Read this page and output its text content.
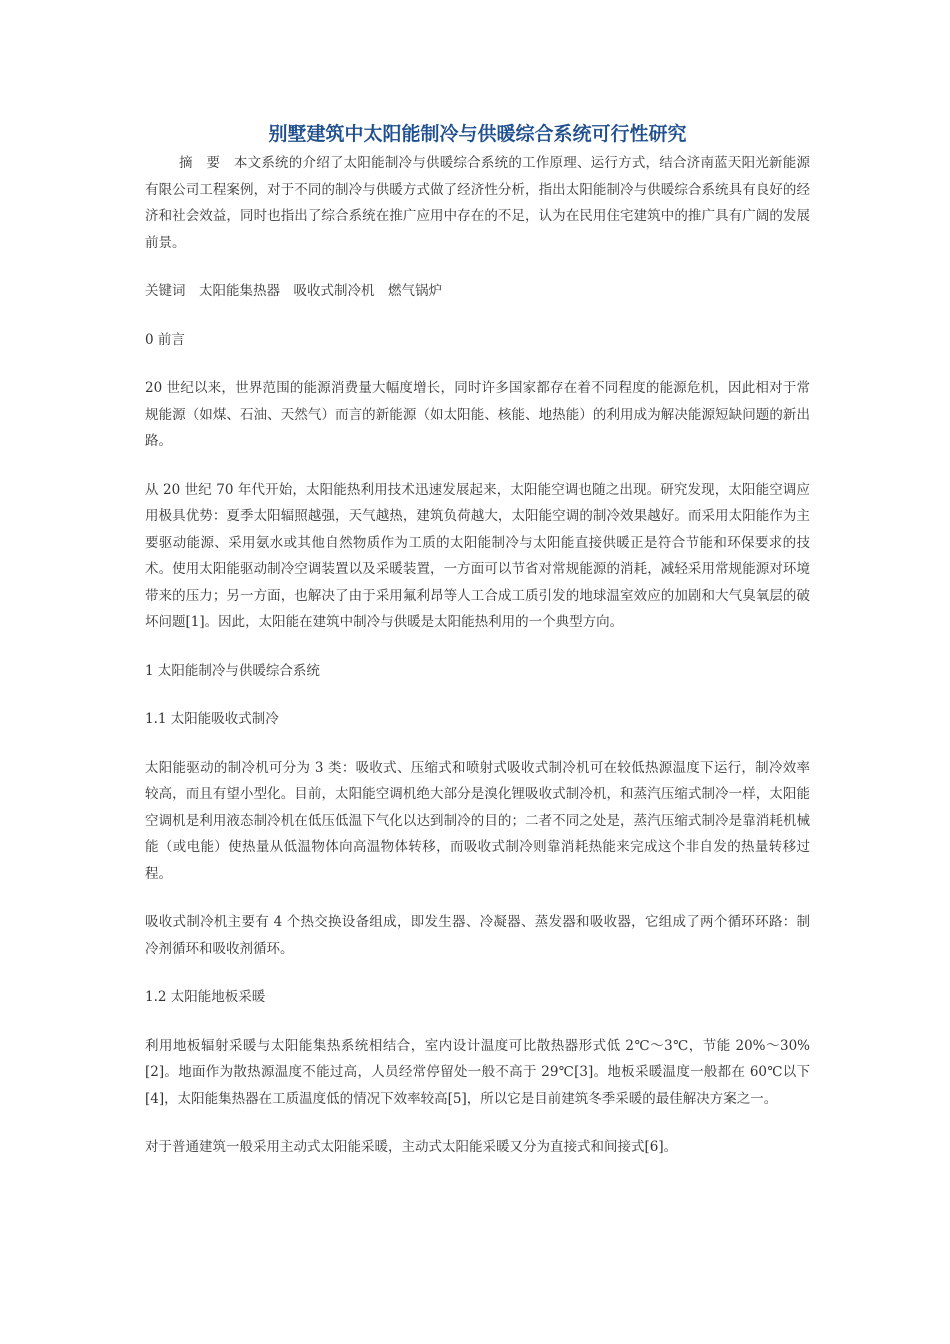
别墅建筑中太阳能制冷与供暖综合系统可行性研究
摘　要　本文系统的介绍了太阳能制冷与供暖综合系统的工作原理、运行方式，结合济南蓝天阳光新能源有限公司工程案例，对于不同的制冷与供暖方式做了经济性分析，指出太阳能制冷与供暖综合系统具有良好的经济和社会效益，同时也指出了综合系统在推广应用中存在的不足，认为在民用住宅建筑中的推广具有广阔的发展前景。
关键词　太阳能集热器　吸收式制冷机　燃气锅炉
0 前言
20 世纪以来，世界范围的能源消费量大幅度增长，同时许多国家都存在着不同程度的能源危机，因此相对于常规能源（如煤、石油、天然气）而言的新能源（如太阳能、核能、地热能）的利用成为解决能源短缺问题的新出路。
从 20 世纪 70 年代开始，太阳能热利用技术迅速发展起来，太阳能空调也随之出现。研究发现，太阳能空调应用极具优势：夏季太阳辐照越强，天气越热，建筑负荷越大，太阳能空调的制冷效果越好。而采用太阳能作为主要驱动能源、采用氨水或其他自然物质作为工质的太阳能制冷与太阳能直接供暖正是符合节能和环保要求的技术。使用太阳能驱动制冷空调装置以及采暖装置，一方面可以节省对常规能源的消耗，减轻采用常规能源对环境带来的压力；另一方面，也解决了由于采用氟利昂等人工合成工质引发的地球温室效应的加剧和大气臭氧层的破坏问题[1]。因此，太阳能在建筑中制冷与供暖是太阳能热利用的一个典型方向。
1 太阳能制冷与供暖综合系统
1.1 太阳能吸收式制冷
太阳能驱动的制冷机可分为 3 类：吸收式、压缩式和喷射式吸收式制冷机可在较低热源温度下运行，制冷效率较高，而且有望小型化。目前，太阳能空调机绝大部分是溴化锂吸收式制冷机，和蒸汽压缩式制冷一样，太阳能空调机是利用液态制冷机在低压低温下气化以达到制冷的目的；二者不同之处是，蒸汽压缩式制冷是靠消耗机械能（或电能）使热量从低温物体向高温物体转移，而吸收式制冷则靠消耗热能来完成这个非自发的热量转移过程。
吸收式制冷机主要有 4 个热交换设备组成，即发生器、冷凝器、蒸发器和吸收器，它组成了两个循环环路：制冷剂循环和吸收剂循环。
1.2 太阳能地板采暖
利用地板辐射采暖与太阳能集热系统相结合，室内设计温度可比散热器形式低 2℃～3℃，节能 20%～30%[2]。地面作为散热源温度不能过高，人员经常停留处一般不高于 29℃[3]。地板采暖温度一般都在 60℃以下[4]，太阳能集热器在工质温度低的情况下效率较高[5]，所以它是目前建筑冬季采暖的最佳解决方案之一。
对于普通建筑一般采用主动式太阳能采暖，主动式太阳能采暖又分为直接式和间接式[6]。
